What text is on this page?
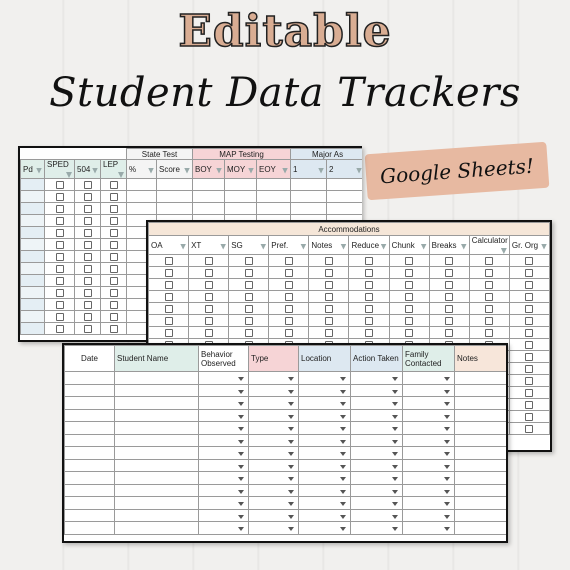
Editable
Student Data Trackers
Google Sheets!
				State Test		MAP Testing			Major As	
Pd	SPED	504	LEP	%	Score	BOY	MOY	EOY	1	2

Accommodations									
OA	XT	SG	Pref.	Notes	Reduce	Chunk	Breaks	Calculator	Gr. Org

Date	Student Name	Behavior Observed	Type	Location	Action Taken	Family Contacted	Notes
